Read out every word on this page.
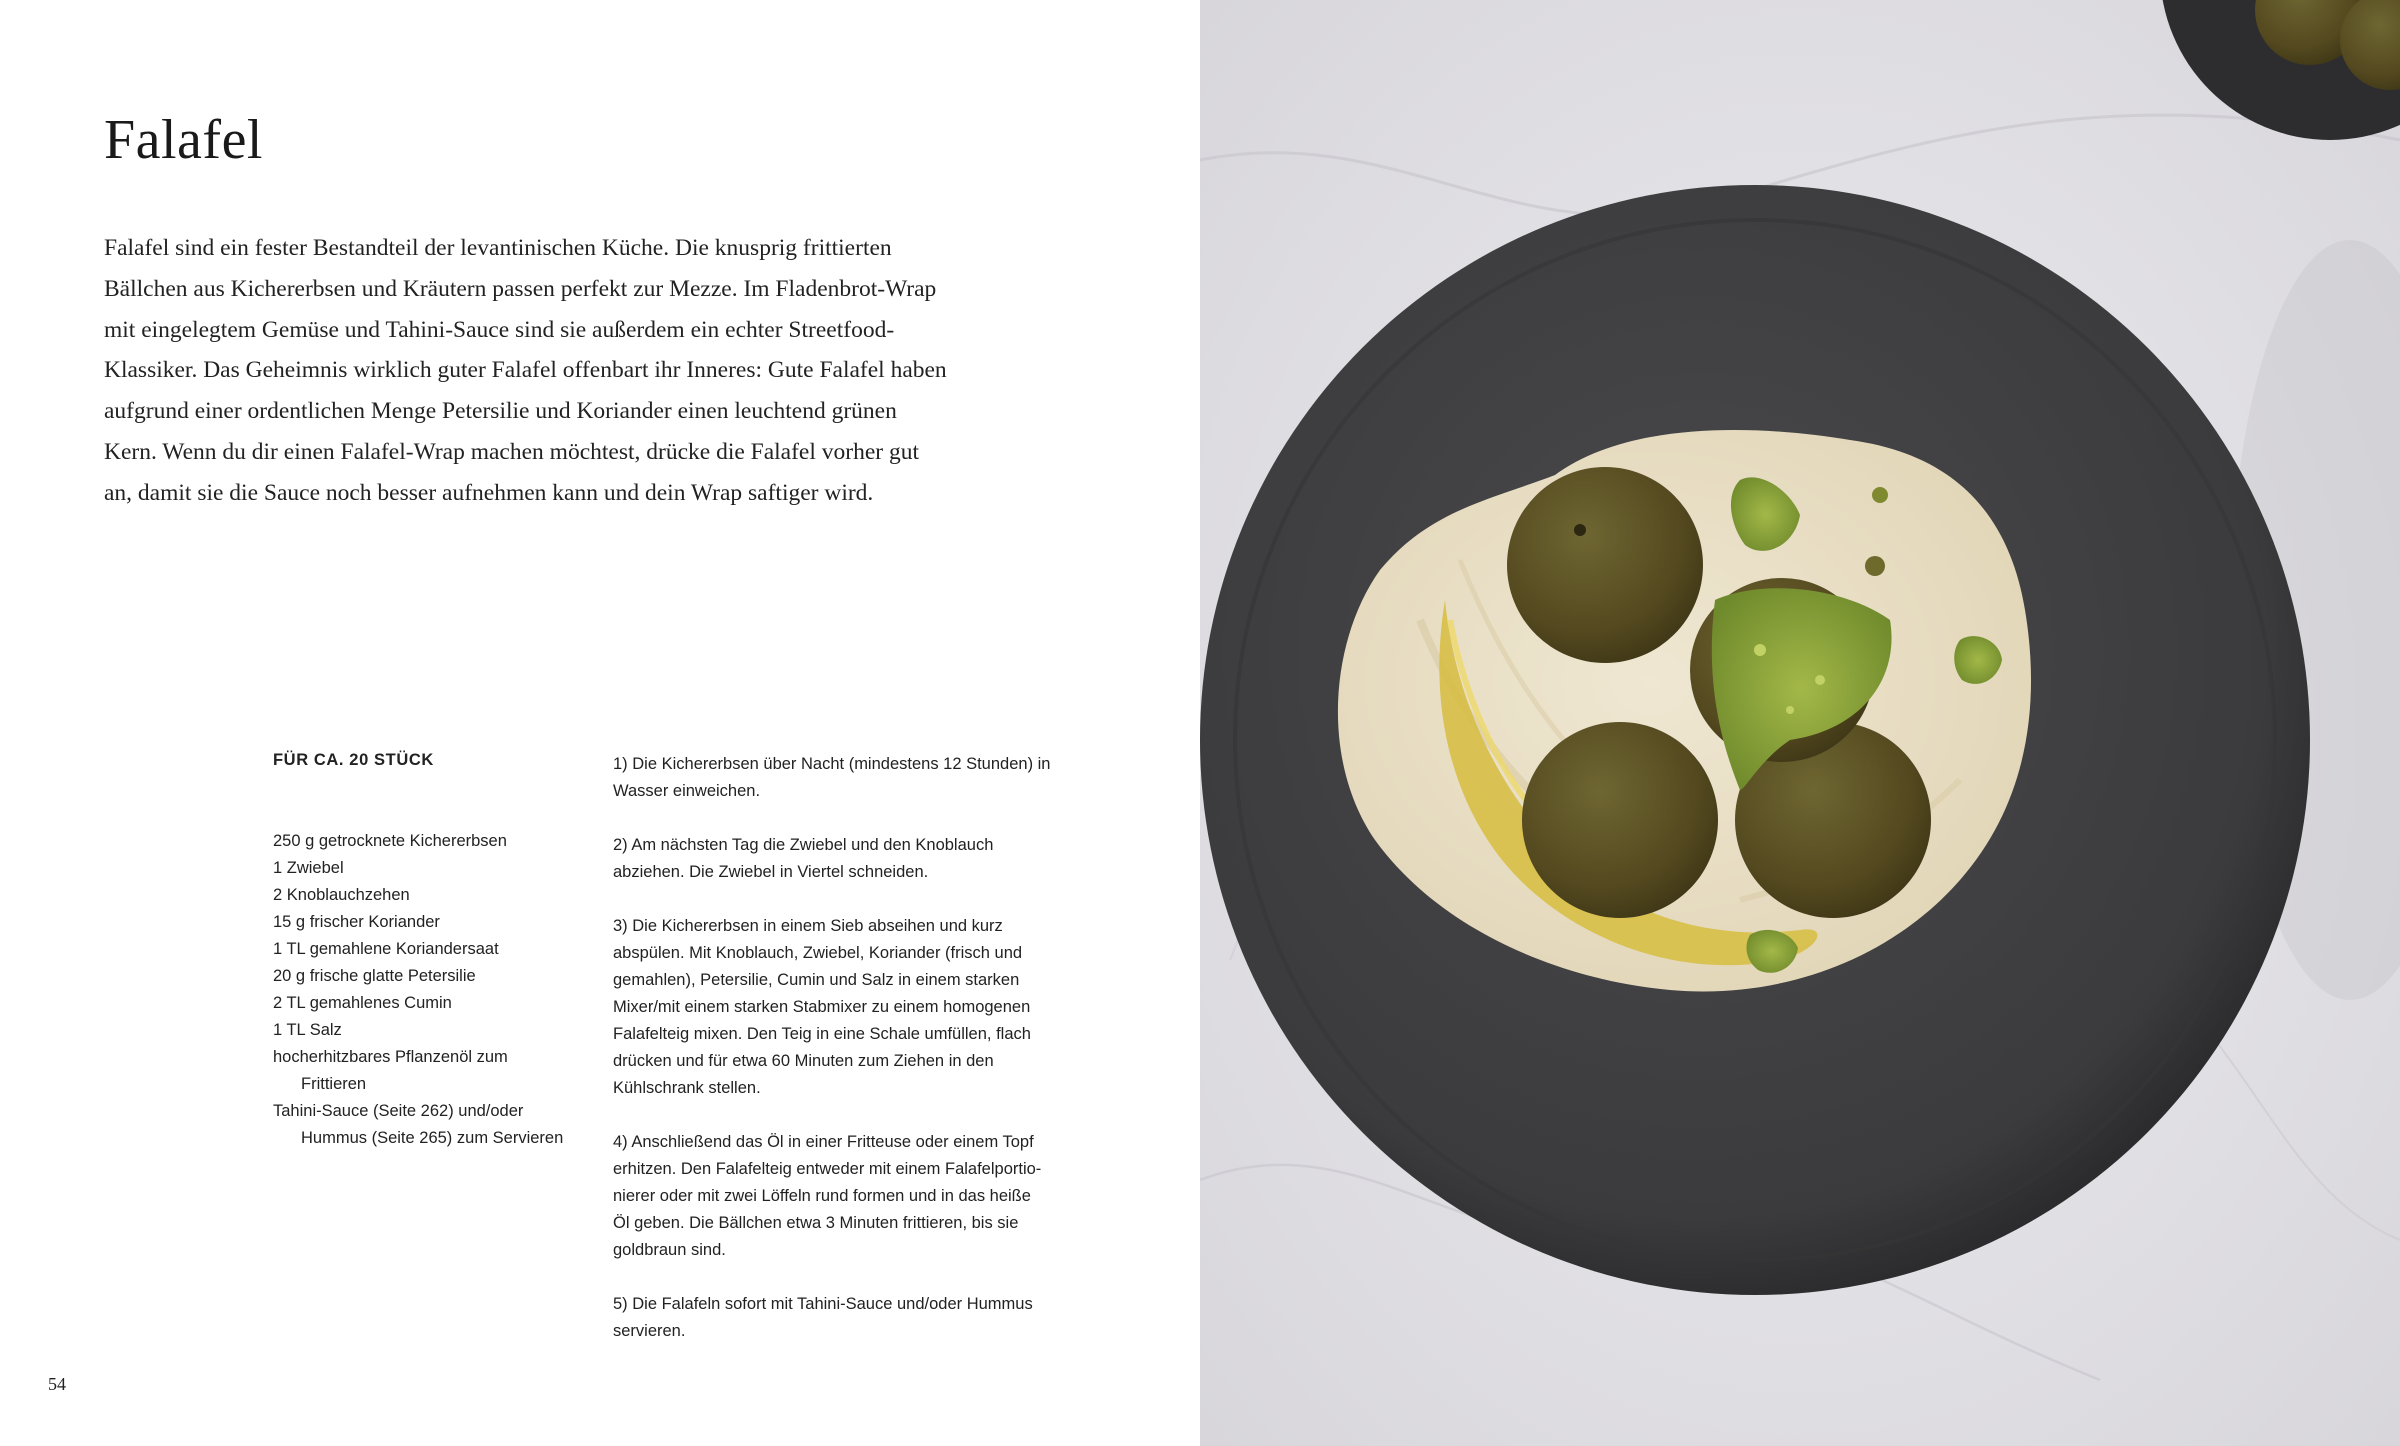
Falafel
Falafel sind ein fester Bestandteil der levantinischen Küche. Die knusprig frittierten
Bällchen aus Kichererbsen und Kräutern passen perfekt zur Mezze. Im Fladenbrot-Wrap
mit eingelegtem Gemüse und Tahini-Sauce sind sie außerdem ein echter Streetfood-
Klassiker. Das Geheimnis wirklich guter Falafel offenbart ihr Inneres: Gute Falafel haben
aufgrund einer ordentlichen Menge Petersilie und Koriander einen leuchtend grünen
Kern. Wenn du dir einen Falafel-Wrap machen möchtest, drücke die Falafel vorher gut
an, damit sie die Sauce noch besser aufnehmen kann und dein Wrap saftiger wird.
FÜR CA. 20 STÜCK
250 g getrocknete Kichererbsen
1 Zwiebel
2 Knoblauchzehen
15 g frischer Koriander
1 TL gemahlene Koriandersaat
20 g frische glatte Petersilie
2 TL gemahlenes Cumin
1 TL Salz
hocherhitzbares Pflanzenöl zum
Frittieren
Tahini-Sauce (Seite 262) und/oder
Hummus (Seite 265) zum Servieren
1) Die Kichererbsen über Nacht (mindestens 12 Stunden) in
Wasser einweichen.
2) Am nächsten Tag die Zwiebel und den Knoblauch
abziehen. Die Zwiebel in Viertel schneiden.
3) Die Kichererbsen in einem Sieb abseihen und kurz
abspülen. Mit Knoblauch, Zwiebel, Koriander (frisch und
gemahlen), Petersilie, Cumin und Salz in einem starken
Mixer/mit einem starken Stabmixer zu einem homogenen
Falafelteig mixen. Den Teig in eine Schale umfüllen, flach
drücken und für etwa 60 Minuten zum Ziehen in den
Kühlschrank stellen.
4) Anschließend das Öl in einer Fritteuse oder einem Topf
erhitzen. Den Falafelteig entweder mit einem Falafelportio-
nierer oder mit zwei Löffeln rund formen und in das heiße
Öl geben. Die Bällchen etwa 3 Minuten frittieren, bis sie
goldbraun sind.
5) Die Falafeln sofort mit Tahini-Sauce und/oder Hummus
servieren.
54
